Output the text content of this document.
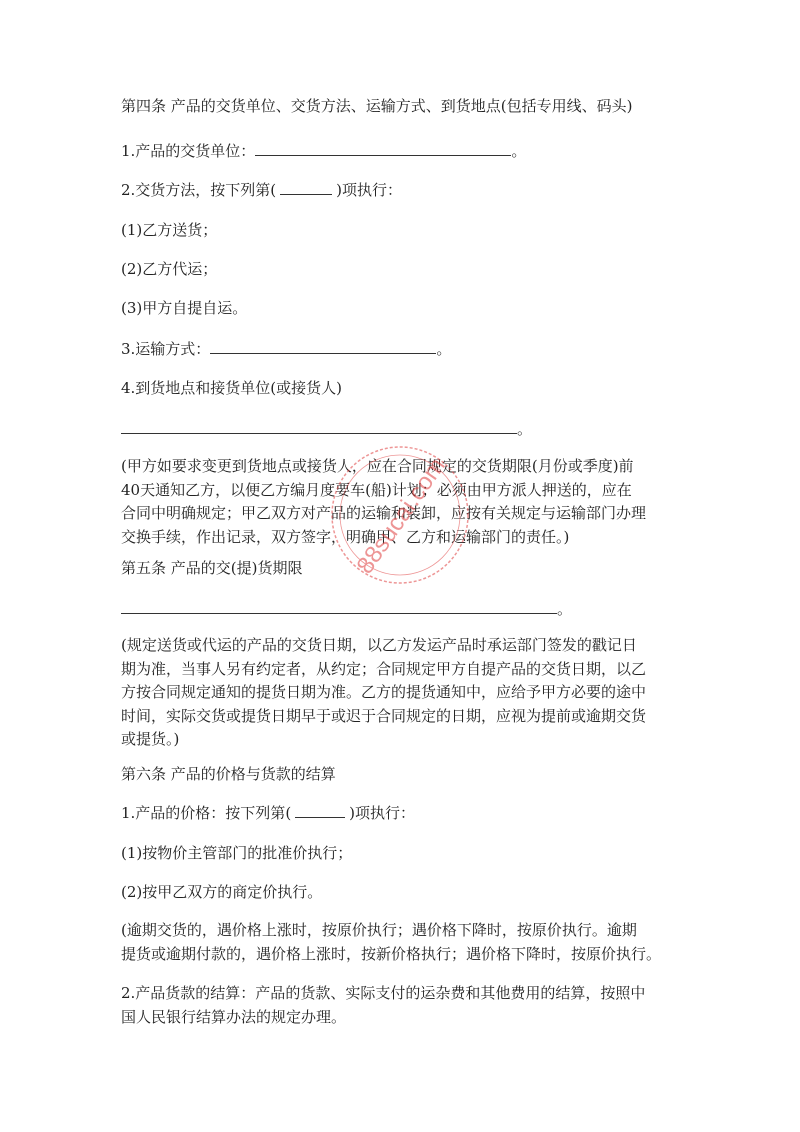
第四条 产品的交货单位、交货方法、运输方式、到货地点(包括专用线、码头)
1.产品的交货单位：	。
2.交货方法，按下列第(	)项执行：
(1)乙方送货；
(2)乙方代运；
(3)甲方自提自运。
3.运输方式：	。
4.到货地点和接货单位(或接货人)
。
(甲方如要求变更到货地点或接货人，应在合同规定的交货期限(月份或季度)前
40天通知乙方，以便乙方编月度要车(船)计划；必须由甲方派人押送的，应在
合同中明确规定；甲乙双方对产品的运输和装卸，应按有关规定与运输部门办理
交换手续，作出记录，双方签字，明确甲、乙方和运输部门的责任。)
第五条 产品的交(提)货期限
。
(规定送货或代运的产品的交货日期，以乙方发运产品时承运部门签发的戳记日
期为准，当事人另有约定者，从约定；合同规定甲方自提产品的交货日期，以乙
方按合同规定通知的提货日期为准。乙方的提货通知中，应给予甲方必要的途中
时间，实际交货或提货日期早于或迟于合同规定的日期，应视为提前或逾期交货
或提货。)
第六条 产品的价格与货款的结算
1.产品的价格：按下列第(	)项执行：
(1)按物价主管部门的批准价执行；
(2)按甲乙双方的商定价执行。
(逾期交货的，遇价格上涨时，按原价执行；遇价格下降时，按原价执行。逾期
提货或逾期付款的，遇价格上涨时，按新价格执行；遇价格下降时，按原价执行。
2.产品货款的结算：产品的货款、实际支付的运杂费和其他费用的结算，按照中
国人民银行结算办法的规定办理。
88sucai.com
